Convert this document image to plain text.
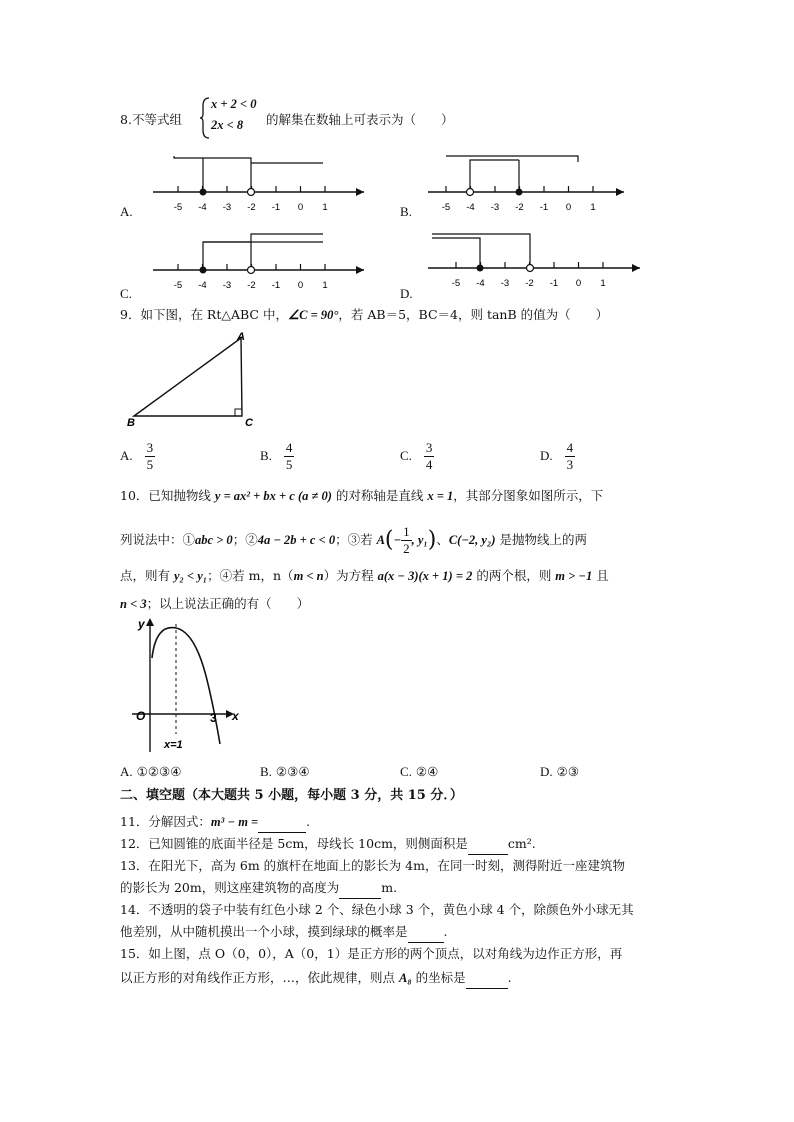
8.不等式组
x + 2 < 0
2x < 8 的解集在数轴上可表示为（　　）
-5 -4 -3 -2 -1 0 1
A.	-5 -4 -3 -2 -1 0 1
B.
-5 -4 -3 -2 -1 0 1
C.
-5 -4 -3 -2 -1 0 1
D.
9．如下图，在 Rt△ABC 中，∠C = 90°，若 AB＝5，BC＝4，则 tanB 的值为（　　）
A
B	C
A. $\frac{3}{5}$	B. $\frac{4}{5}$	C. $\frac{3}{4}$	D. $\frac{4}{3}$
10．已知抛物线 y = ax² + bx + c (a ≠ 0) 的对称轴是直线 x = 1，其部分图象如图所示，下
列说法中：①abc > 0；②4a − 2b + c < 0；③若 $A(- \frac{1}{2}$ , y₁)、C(−2, y₂) 是抛物线上的两
点，则有 y₂ < y₁；④若 m，n（m < n）为方程 a(x − 3)(x + 1) = 2 的两个根，则 m > −1 且
n < 3；以上说法正确的有（　　）
y
x
O	3
x=1
A. ①②③④	B. ②③④	C. ②④	D. ②③
二、填空题（本大题共 5 小题，每小题 3 分，共 15 分．）
11．分解因式：m³ − m =	.
12．已知圆锥的底面半径是 5cm，母线长 10cm，则侧面积是	cm².
13．在阳光下，高为 6m 的旗杆在地面上的影长为 4m，在同一时刻，测得附近一座建筑物
的影长为 20m，则这座建筑物的高度为	m.
14．不透明的袋子中装有红色小球 2 个、绿色小球 3 个，黄色小球 4 个，除颜色外小球无其
他差别，从中随机摸出一个小球，摸到绿球的概率是	.
15．如上图，点 O（0，0），A（0，1）是正方形的两个顶点，以对角线为边作正方形，再
以正方形的对角线作正方形，…，依此规律，则点 A₈ 的坐标是	.
